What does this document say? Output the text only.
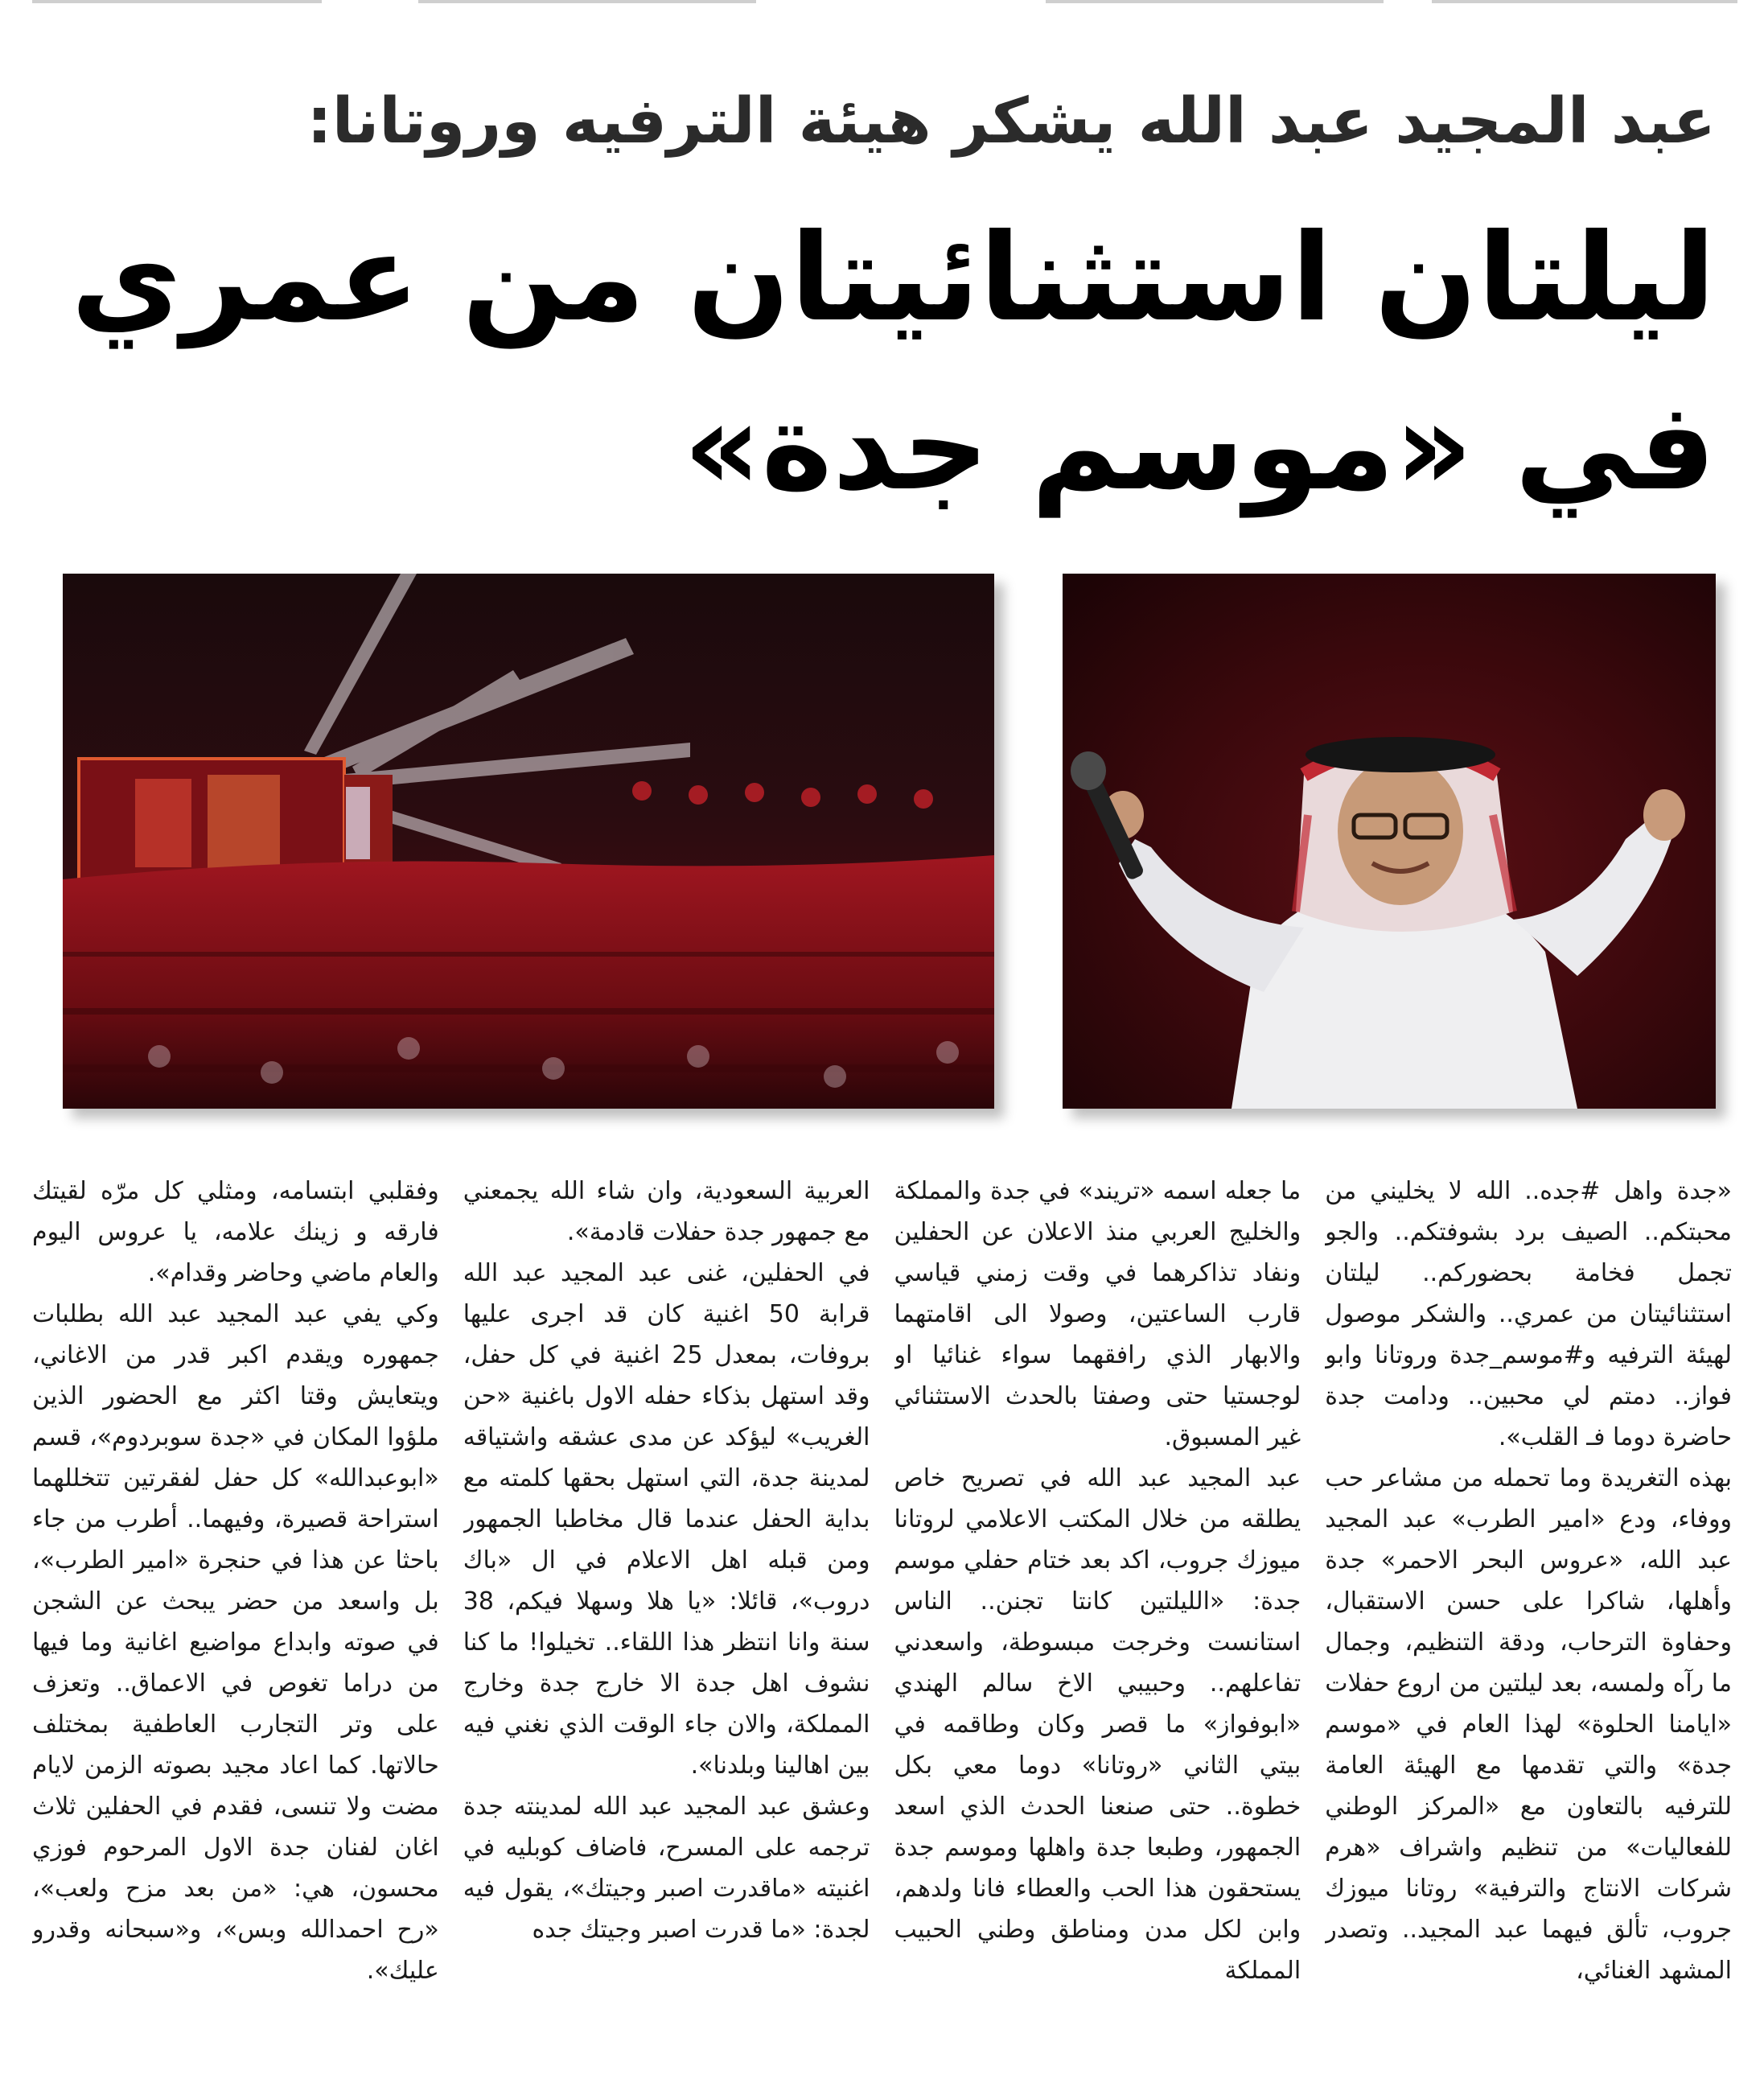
عبد المجيد عبد الله يشكر هيئة الترفيه وروتانا:
ليلتان استثنائيتان من عمري
في «موسم جدة»

«جدة واهل #جده.. الله لا يخليني من محبتكم.. الصيف برد بشوفتكم.. والجو تجمل فخامة بحضوركم.. ليلتان استثنائيتان من عمري.. والشكر موصول لهيئة الترفيه و#موسم_جدة وروتانا وابو فواز.. دمتم لي محبين.. ودامت جدة حاضرة دوما فـ القلب».

بهذه التغريدة وما تحمله من مشاعر حب ووفاء، ودع «امير الطرب» عبد المجيد عبد الله، «عروس البحر الاحمر» جدة وأهلها، شاكرا على حسن الاستقبال، وحفاوة الترحاب، ودقة التنظيم، وجمال ما رآه ولمسه، بعد ليلتين من اروع حفلات «ايامنا الحلوة» لهذا العام في «موسم جدة» والتي تقدمها مع الهيئة العامة للترفيه بالتعاون مع «المركز الوطني للفعاليات» من تنظيم واشراف «هرم شركات الانتاج والترفية» روتانا ميوزك جروب، تألق فيهما عبد المجيد.. وتصدر المشهد الغنائي،

ما جعله اسمه «تريند» في جدة والمملكة والخليج العربي منذ الاعلان عن الحفلين ونفاد تذاكرهما في وقت زمني قياسي قارب الساعتين، وصولا الى اقامتهما والابهار الذي رافقهما سواء غنائيا او لوجستيا حتى وصفتا بالحدث الاستثنائي غير المسبوق.

عبد المجيد عبد الله في تصريح خاص يطلقه من خلال المكتب الاعلامي لروتانا ميوزك جروب، اكد بعد ختام حفلي موسم جدة: «الليلتين كانتا تجنن.. الناس استانست وخرجت مبسوطة، واسعدني تفاعلهم.. وحبيبي الاخ سالم الهندي «ابوفواز» ما قصر وكان وطاقمه في بيتي الثاني «روتانا» دوما معي بكل خطوة.. حتى صنعنا الحدث الذي اسعد الجمهور، وطبعا جدة واهلها وموسم جدة يستحقون هذا الحب والعطاء فانا ولدهم، وابن لكل مدن ومناطق وطني الحبيب المملكة

العربية السعودية، وان شاء الله يجمعني مع جمهور جدة حفلات قادمة».

في الحفلين، غنى عبد المجيد عبد الله قرابة 50 اغنية كان قد اجرى عليها بروفات، بمعدل 25 اغنية في كل حفل، وقد استهل بذكاء حفله الاول باغنية «حن الغريب» ليؤكد عن مدى عشقه واشتياقه لمدينة جدة، التي استهل بحقها كلمته مع بداية الحفل عندما قال مخاطبا الجمهور ومن قبله اهل الاعلام في ال «باك دروب»، قائلا: «يا هلا وسهلا فيكم، 38 سنة وانا انتظر هذا اللقاء.. تخيلوا! ما كنا نشوف اهل جدة الا خارج جدة وخارج المملكة، والان جاء الوقت الذي نغني فيه بين اهالينا وبلدنا».

وعشق عبد المجيد عبد الله لمدينته جدة ترجمه على المسرح، فاضاف كوبليه في اغنيته «ماقدرت اصبر وجيتك»، يقول فيه لجدة: «ما قدرت اصبر وجيتك جده

وفقلبي ابتسامه، ومثلي كل مرّه لقيتك فارقه و زينك علامه، يا عروس اليوم والعام ماضي وحاضر وقدام».

وكي يفي عبد المجيد عبد الله بطلبات جمهوره ويقدم اكبر قدر من الاغاني، ويتعايش وقتا اكثر مع الحضور الذين ملؤوا المكان في «جدة سوبردوم»، قسم «ابوعبدالله» كل حفل لفقرتين تتخللهما استراحة قصيرة، وفيهما.. أطرب من جاء باحثا عن هذا في حنجرة «امير الطرب»، بل واسعد من حضر يبحث عن الشجن في صوته وابداع مواضيع اغانية وما فيها من دراما تغوص في الاعماق.. وتعزف على وتر التجارب العاطفية بمختلف حالاتها. كما اعاد مجيد بصوته الزمن لايام مضت ولا تنسى، فقدم في الحفلين ثلاث اغان لفنان جدة الاول المرحوم فوزي محسون، هي: «من بعد مزح ولعب»، «رح احمدالله وبس»، و«سبحانه وقدرو عليك».
